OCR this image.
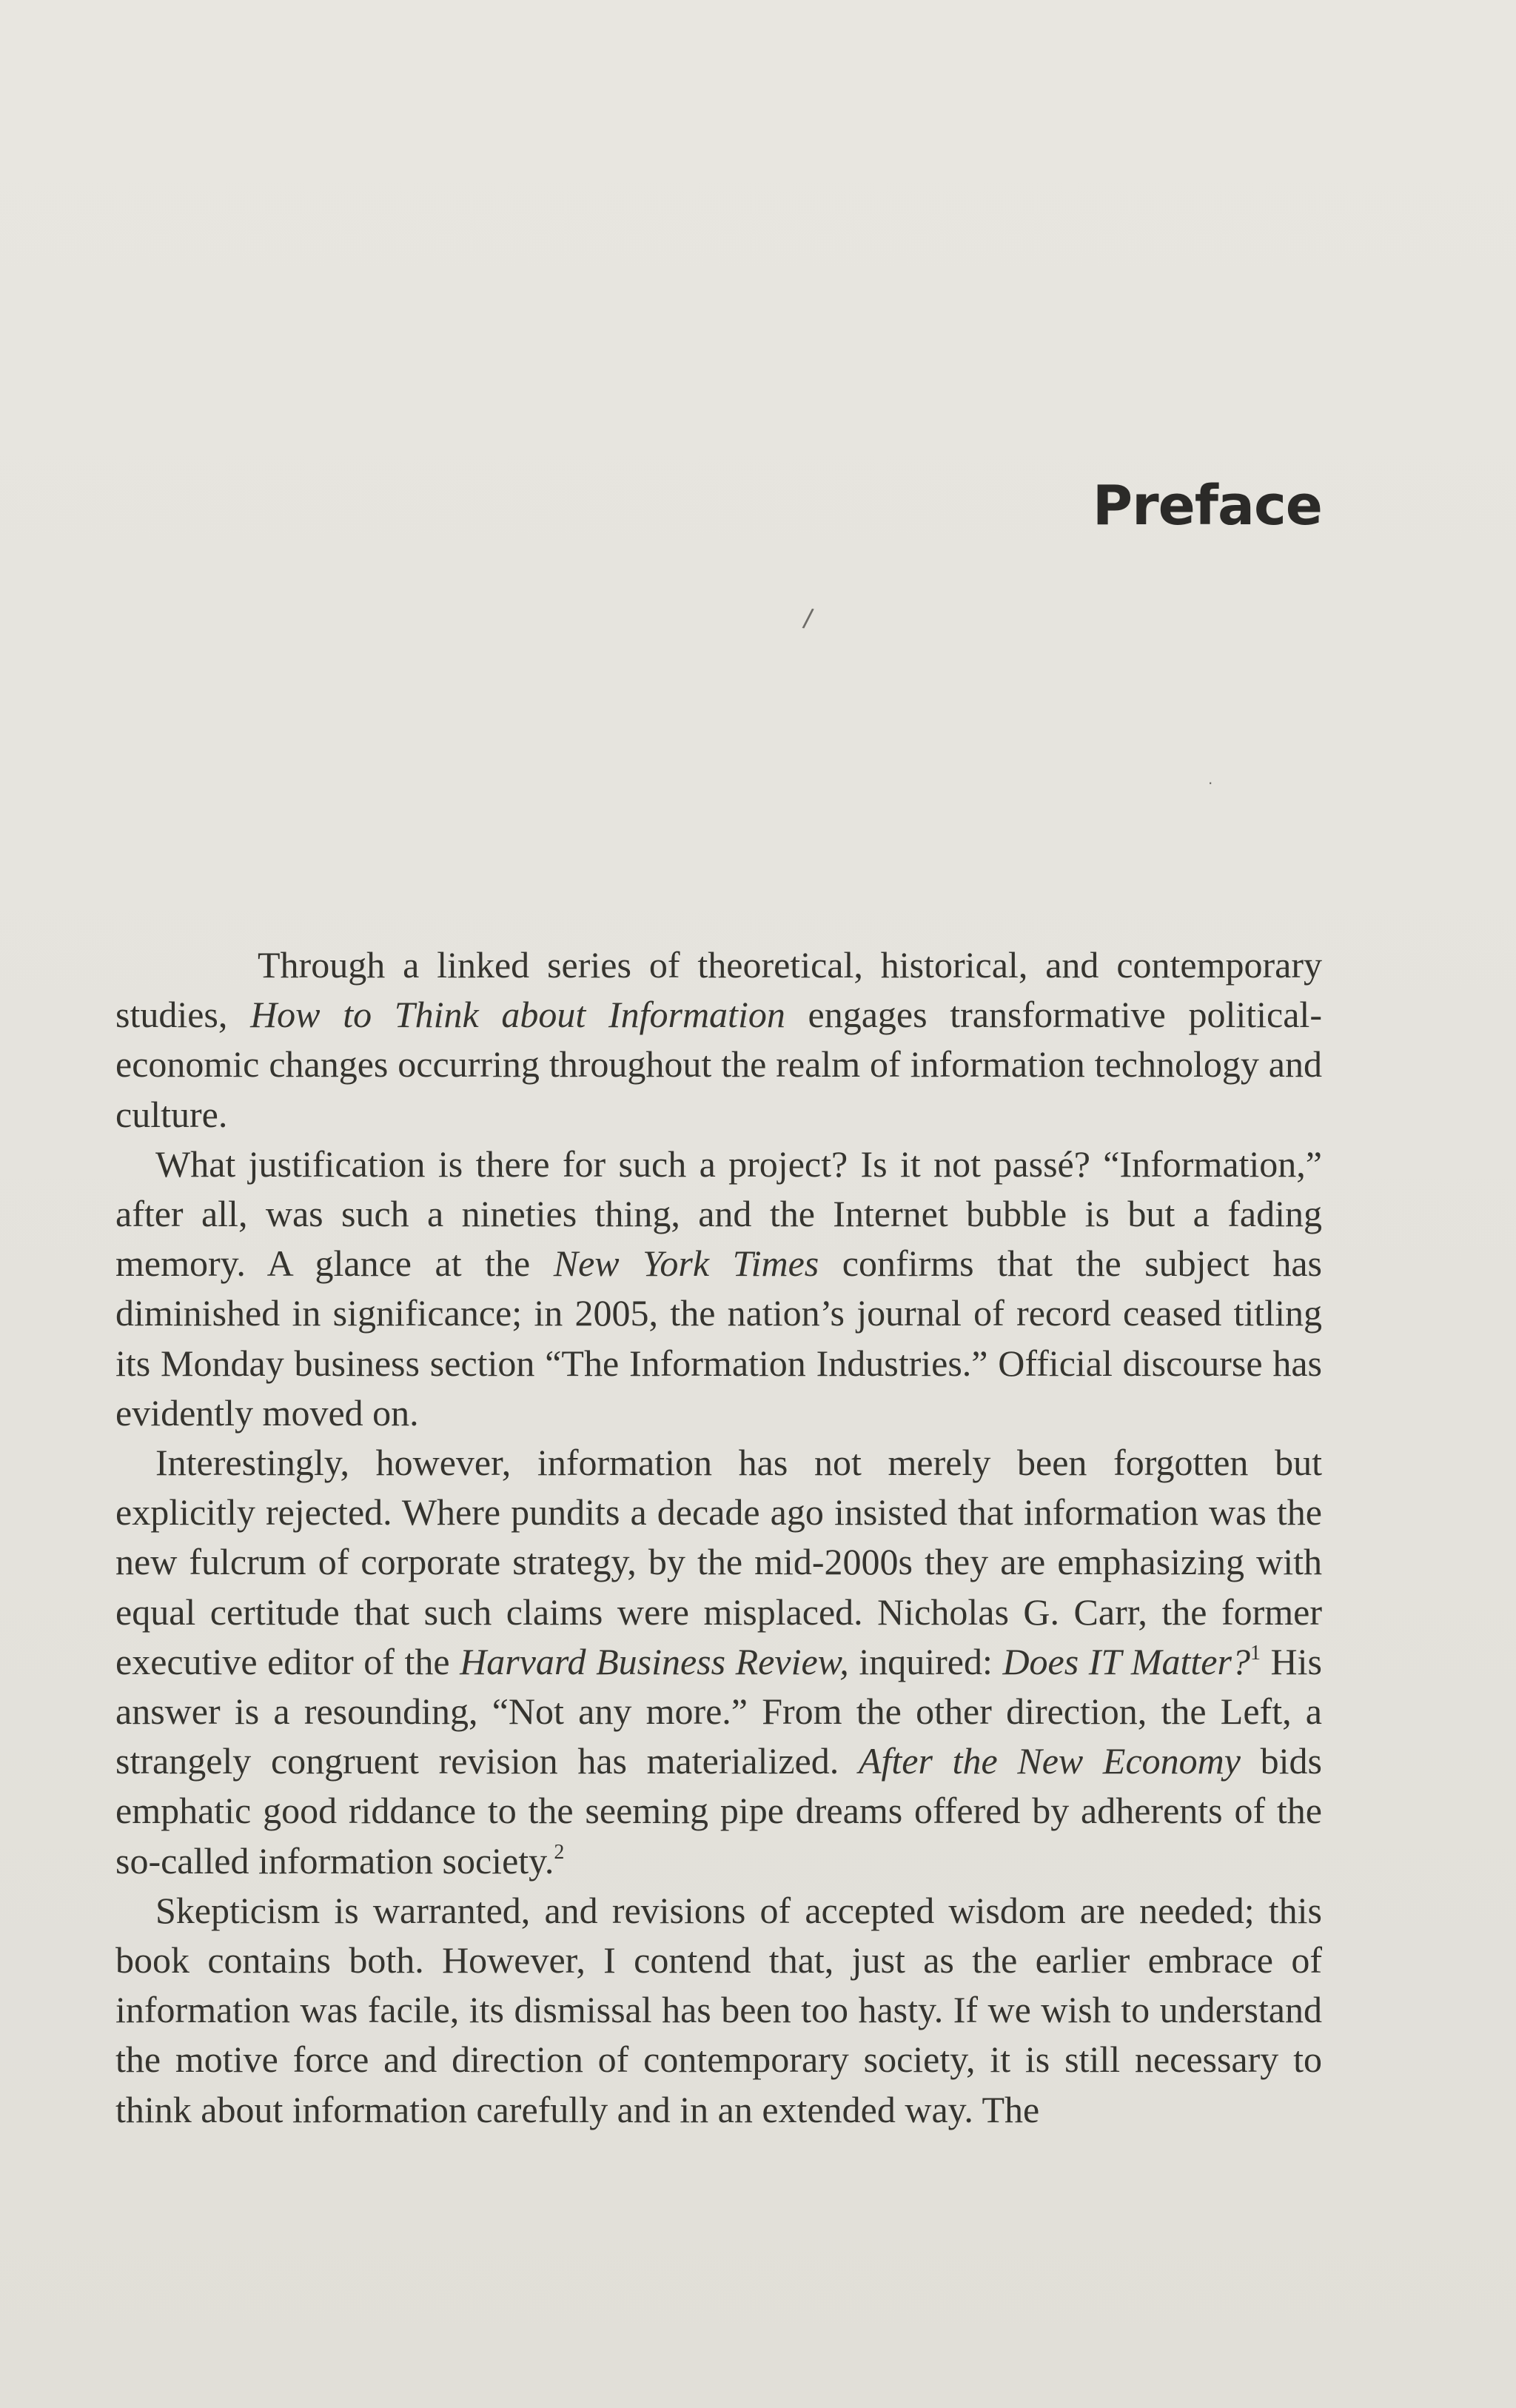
Preface
/
.

Through a linked series of theoretical, historical, and contemporary studies, How to Think about Information engages transformative political-economic changes occurring throughout the realm of information technology and culture.

What justification is there for such a project? Is it not passé? “Information,” after all, was such a nineties thing, and the Internet bubble is but a fading memory. A glance at the New York Times confirms that the subject has diminished in significance; in 2005, the nation’s journal of record ceased titling its Monday business section “The Information Industries.” Official discourse has evidently moved on.

Interestingly, however, information has not merely been forgotten but explicitly rejected. Where pundits a decade ago insisted that information was the new fulcrum of corporate strategy, by the mid-2000s they are emphasizing with equal certitude that such claims were misplaced. Nicholas G. Carr, the former executive editor of the Harvard Business Review, inquired: Does IT Matter?$^1$ His answer is a resounding, “Not any more.” From the other direction, the Left, a strangely congruent revision has materialized. After the New Economy bids emphatic good riddance to the seeming pipe dreams offered by adherents of the so-called information society.$^2$

Skepticism is warranted, and revisions of accepted wisdom are needed; this book contains both. However, I contend that, just as the earlier embrace of information was facile, its dismissal has been too hasty. If we wish to understand the motive force and direction of contemporary society, it is still necessary to think about information carefully and in an extended way. The
